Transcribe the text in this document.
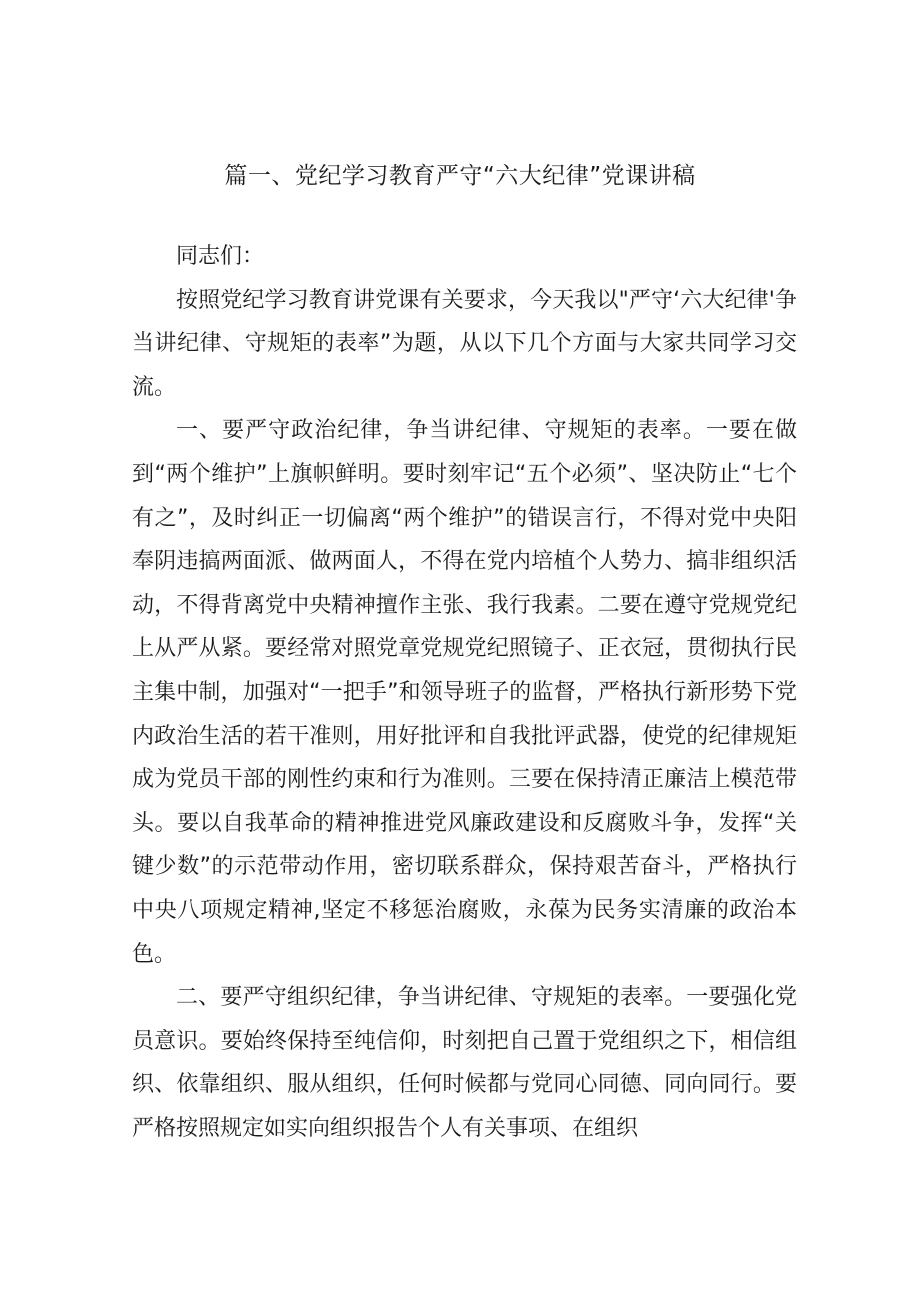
篇一、党纪学习教育严守“六大纪律”党课讲稿

同志们：

按照党纪学习教育讲党课有关要求，今天我以"严守‘六大纪律'争当讲纪律、守规矩的表率”为题，从以下几个方面与大家共同学习交流。

一、要严守政治纪律，争当讲纪律、守规矩的表率。一要在做到“两个维护”上旗帜鲜明。要时刻牢记“五个必须”、坚决防止“七个有之”，及时纠正一切偏离“两个维护”的错误言行，不得对党中央阳奉阴违搞两面派、做两面人，不得在党内培植个人势力、搞非组织活动，不得背离党中央精神擅作主张、我行我素。二要在遵守党规党纪上从严从紧。要经常对照党章党规党纪照镜子、正衣冠，贯彻执行民主集中制，加强对“一把手”和领导班子的监督，严格执行新形势下党内政治生活的若干准则，用好批评和自我批评武器，使党的纪律规矩成为党员干部的刚性约束和行为准则。三要在保持清正廉洁上模范带头。要以自我革命的精神推进党风廉政建设和反腐败斗争，发挥“关键少数”的示范带动作用，密切联系群众，保持艰苦奋斗，严格执行中央八项规定精神,坚定不移惩治腐败，永葆为民务实清廉的政治本色。

二、要严守组织纪律，争当讲纪律、守规矩的表率。一要强化党员意识。要始终保持至纯信仰，时刻把自己置于党组织之下，相信组织、依靠组织、服从组织，任何时候都与党同心同德、同向同行。要严格按照规定如实向组织报告个人有关事项、在组织
